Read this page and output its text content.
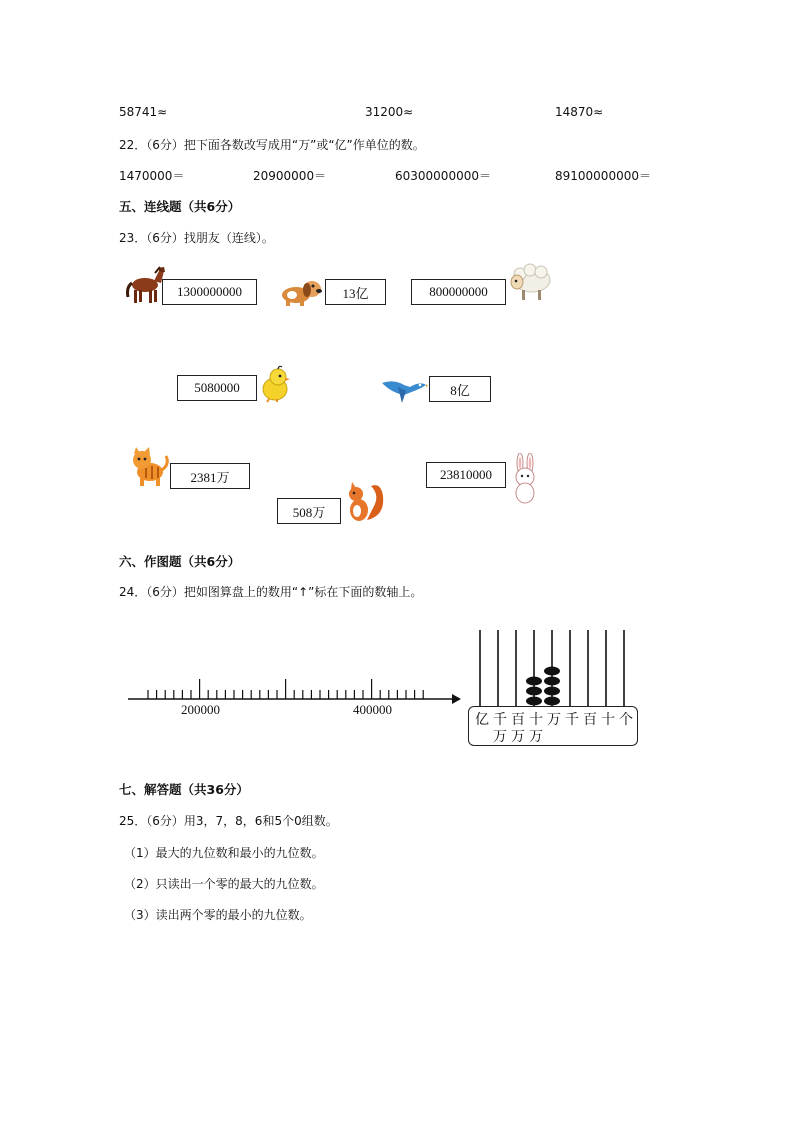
58741≈	31200≈	14870≈
22．（6分）把下面各数改写成用“万”或“亿”作单位的数。
1470000＝	20900000＝	60300000000＝	89100000000＝
五、连线题（共6分）
23．（6分）找朋友（连线）。
1300000000	13亿	800000000
5080000	8亿
2381万	23810000
508万
六、作图题（共6分）
24．（6分）把如图算盘上的数用“↑”标在下面的数轴上。
200000	400000
亿 千 百 十 万 千 百 十 个
万 万 万
七、解答题（共36分）
25．（6分）用3，7，8，6和5个0组数。
（1）最大的九位数和最小的九位数。
（2）只读出一个零的最大的九位数。
（3）读出两个零的最小的九位数。
